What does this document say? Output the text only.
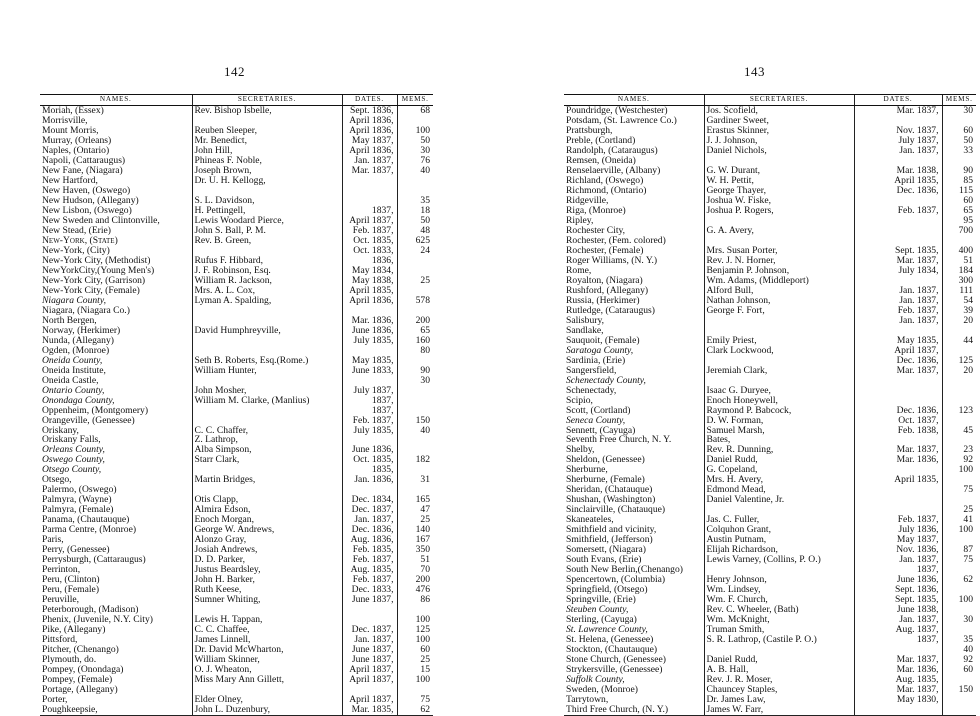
142
NAMES.	SECRETARIES.	DATES.	MEMS.
Moriah, (Essex)	Rev. Bishop Isbelle,	Sept. 1836,	68
Morrisville,		April 1836,	
Mount Morris,	Reuben Sleeper,	April 1836,	100
Murray, (Orleans)	Mr. Benedict,	May 1837,	50
Naples, (Ontario)	John Hill,	April 1836,	30
Napoli, (Cattaraugus)	Phineas F. Noble,	Jan. 1837,	76
New Fane, (Niagara)	Joseph Brown,	Mar. 1837,	40
New Hartford,	Dr. U. H. Kellogg,		
New Haven, (Oswego)			
New Hudson, (Allegany)	S. L. Davidson,		35
New Lisbon, (Oswego)	H. Pettingell,	1837,	18
New Sweden and Clintonville,	Lewis Woodard Pierce,	April 1837,	50
New Stead, (Erie)	John S. Ball, P. M.	Feb. 1837,	48
New-York, (State)	Rev. B. Green,	Oct. 1835,	625
New-York, (City)		Oct. 1833,	24
New-York City, (Methodist)	Rufus F. Hibbard,	1836,	
NewYorkCity,(Young Men's)	J. F. Robinson, Esq.	May 1834,	
New-York City, (Garrison)	William R. Jackson,	May 1838,	25
New-York City, (Female)	Mrs. A. L. Cox,	April 1835,	
Niagara County,	Lyman A. Spalding,	April 1836,	578
Niagara, (Niagara Co.)			
North Bergen,		Mar. 1836,	200
Norway, (Herkimer)	David Humphreyville,	June 1836,	65
Nunda, (Allegany)		July 1835,	160
Ogden, (Monroe)			80
Oneida County,	Seth B. Roberts, Esq.(Rome.)	May 1835,	
Oneida Institute,	William Hunter,	June 1833,	90
Oneida Castle,			30
Ontario County,	John Mosher,	July 1837,	
Onondaga County,	William M. Clarke, (Manlius)	1837,	
Oppenheim, (Montgomery)		1837,	
Orangeville, (Genessee)		Feb. 1837,	150
Oriskany,	C. C. Chaffer,	July 1835,	40
Oriskany Falls,	Z. Lathrop,		
Orleans County,	Alba Simpson,	June 1836,	
Oswego County,	Starr Clark,	Oct. 1835,	182
Otsego County,		1835,	
Otsego,	Martin Bridges,	Jan. 1836,	31
Palermo, (Oswego)			
Palmyra, (Wayne)	Otis Clapp,	Dec. 1834,	165
Palmyra, (Female)	Almira Edson,	Dec. 1837,	47
Panama, (Chautauque)	Enoch Morgan,	Jan. 1837,	25
Parma Centre, (Monroe)	George W. Andrews,	Dec. 1836,	140
Paris,	Alonzo Gray,	Aug. 1836,	167
Perry, (Genessee)	Josiah Andrews,	Feb. 1835,	350
Perrysburgh, (Cattaraugus)	D. D. Parker,	Feb. 1837,	51
Perrinton,	Justus Beardsley,	Aug. 1835,	70
Peru, (Clinton)	John H. Barker,	Feb. 1837,	200
Peru, (Female)	Ruth Keese,	Dec. 1833,	476
Peruville,	Sumner Whiting,	June 1837,	86
Peterborough, (Madison)			
Phenix, (Juvenile, N.Y. City)	Lewis H. Tappan,		100
Pike, (Allegany)	C. C. Chaffee,	Dec. 1837,	125
Pittsford,	James Linnell,	Jan. 1837,	100
Pitcher, (Chenango)	Dr. David McWharton,	June 1837,	60
Plymouth, do.	William Skinner,	June 1837,	25
Pompey, (Onondaga)	O. J. Wheaton,	April 1837,	15
Pompey, (Female)	Miss Mary Ann Gillett,	April 1837,	100
Portage, (Allegany)			
Porter,	Elder Olney,	April 1837,	75
Poughkeepsie,	John L. Duzenbury,	Mar. 1835,	62
143
NAMES.	SECRETARIES.	DATES.	MEMS.
Poundridge, (Westchester)	Jos. Scofield,	Mar. 1837,	30
Potsdam, (St. Lawrence Co.)	Gardiner Sweet,		
Prattsburgh,	Erastus Skinner,	Nov. 1837,	60
Preble, (Cortland)	J. J. Johnson,	July 1837,	50
Randolph, (Cataraugus)	Daniel Nichols,	Jan. 1837,	33
Remsen, (Oneida)			
Renselaerville, (Albany)	G. W. Durant,	Mar. 1838,	90
Richland, (Oswego)	W. H. Pettit,	April 1835,	85
Richmond, (Ontario)	George Thayer,	Dec. 1836,	115
Ridgeville,	Joshua W. Fiske,		60
Riga, (Monroe)	Joshua P. Rogers,	Feb. 1837,	65
Ripley,			95
Rochester City,	G. A. Avery,		700
Rochester, (Fem. colored)			
Rochester, (Female)	Mrs. Susan Porter,	Sept. 1835,	400
Roger Williams, (N. Y.)	Rev. J. N. Horner,	Mar. 1837,	51
Rome,	Benjamin P. Johnson,	July 1834,	184
Royalton, (Niagara)	Wm. Adams, (Middleport)		300
Rushford, (Allegany)	Alford Bull,	Jan. 1837,	111
Russia, (Herkimer)	Nathan Johnson,	Jan. 1837,	54
Rutledge, (Cataraugus)	George F. Fort,	Feb. 1837,	39
Salisbury,		Jan. 1837,	20
Sandlake,			
Sauquoit, (Female)	Emily Priest,	May 1835,	44
Saratoga County,	Clark Lockwood,	April 1837,	
Sardinia, (Erie)		Dec. 1836,	125
Sangersfield,	Jeremiah Clark,	Mar. 1837,	20
Schenectady County,			
Schenectady,	Isaac G. Duryee,		
Scipio,	Enoch Honeywell,		
Scott, (Cortland)	Raymond P. Babcock,	Dec. 1836,	123
Seneca County,	D. W. Forman,	Oct. 1837,	
Sennett, (Cayuga)	Samuel Marsh,	Feb. 1838,	45
Seventh Free Church, N. Y.	Bates,		
Shelby,	Rev. R. Dunning,	Mar. 1837,	23
Sheldon, (Genessee)	Daniel Rudd,	Mar. 1836,	92
Sherburne,	G. Copeland,		100
Sherburne, (Female)	Mrs. H. Avery,	April 1835,	
Sheridan, (Chatauque)	Edmond Mead,		75
Shushan, (Washington)	Daniel Valentine, Jr.		
Sinclairville, (Chatauque)			25
Skaneateles,	Jas. C. Fuller,	Feb. 1837,	41
Smithfield and vicinity,	Colquhon Grant,	July 1836,	100
Smithfield, (Jefferson)	Austin Putnam,	May 1837,	
Somersett, (Niagara)	Elijah Richardson,	Nov. 1836,	87
South Evans, (Erie)	Lewis Varney, (Collins, P. O.)	Jan. 1837,	75
South New Berlin,(Chenango)		1837,	
Spencertown, (Columbia)	Henry Johnson,	June 1836,	62
Springfield, (Otsego)	Wm. Lindsey,	Sept. 1836,	
Springville, (Erie)	Wm. F. Church,	Sept. 1835,	100
Steuben County,	Rev. C. Wheeler, (Bath)	June 1838,	
Sterling, (Cayuga)	Wm. McKnight,	Jan. 1837,	30
St. Lawrence County,	Truman Smith,	Aug. 1837,	
St. Helena, (Genessee)	S. R. Lathrop, (Castile P. O.)	1837,	35
Stockton, (Chautauque)			40
Stone Church, (Genessee)	Daniel Rudd,	Mar. 1837,	92
Strykersville, (Genessee)	A. B. Hall,	Mar. 1836,	60
Suffolk County,	Rev. J. R. Moser,	Aug. 1835,	
Sweden, (Monroe)	Chauncey Staples,	Mar. 1837,	150
Tarrytown,	Dr. James Law,	May 1830,	
Third Free Church, (N. Y.)	James W. Farr,		
